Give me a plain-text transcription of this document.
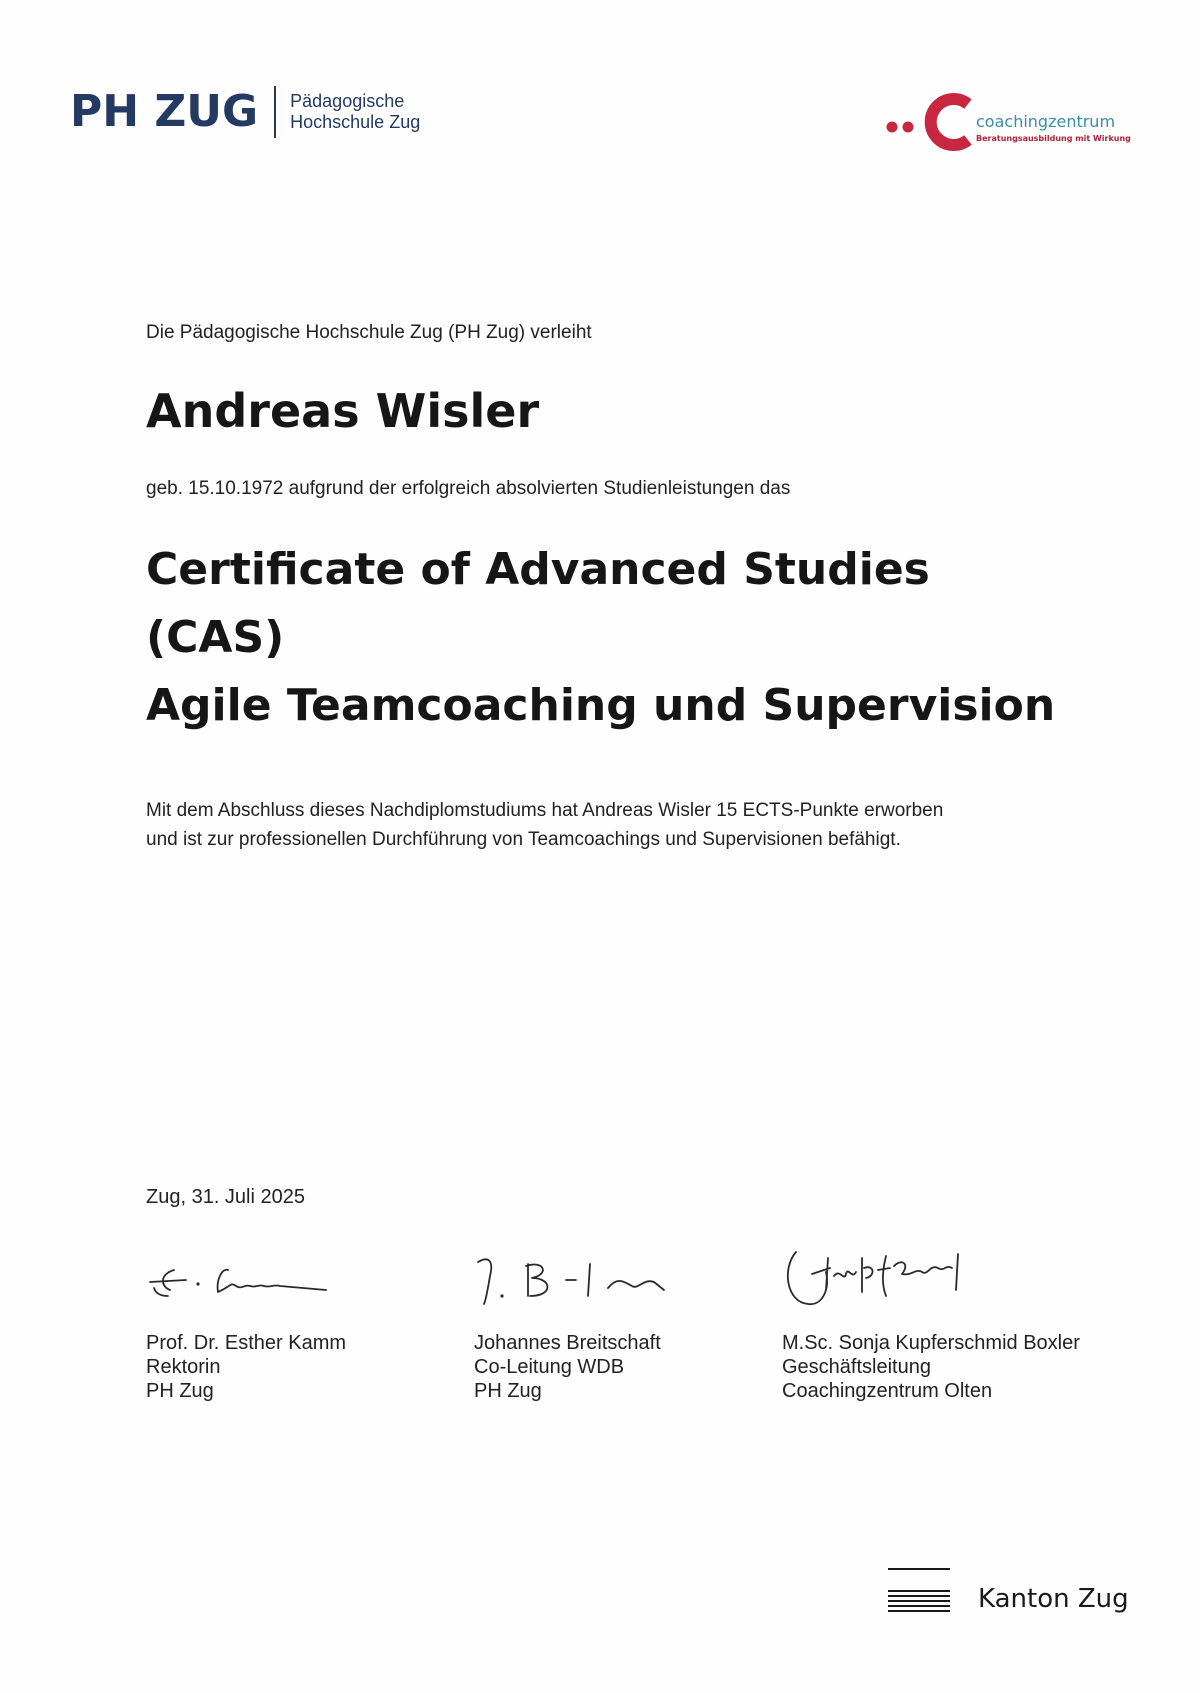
PH ZUG Pädagogische
Hochschule Zug	coachingzentrum
Beratungsausbildung mit Wirkung
Die Pädagogische Hochschule Zug (PH Zug) verleiht
Andreas Wisler
geb. 15.10.1972 aufgrund der erfolgreich absolvierten Studienleistungen das
Certificate of Advanced Studies
(CAS)
Agile Teamcoaching und Supervision
Mit dem Abschluss dieses Nachdiplomstudiums hat Andreas Wisler 15 ECTS-Punkte erworben
und ist zur professionellen Durchführung von Teamcoachings und Supervisionen befähigt.
Zug, 31. Juli 2025
Prof. Dr. Esther Kamm
Rektorin
PH Zug
Johannes Breitschaft
Co-Leitung WDB
PH Zug
M.Sc. Sonja Kupferschmid Boxler
Geschäftsleitung
Coachingzentrum Olten
Kanton Zug
